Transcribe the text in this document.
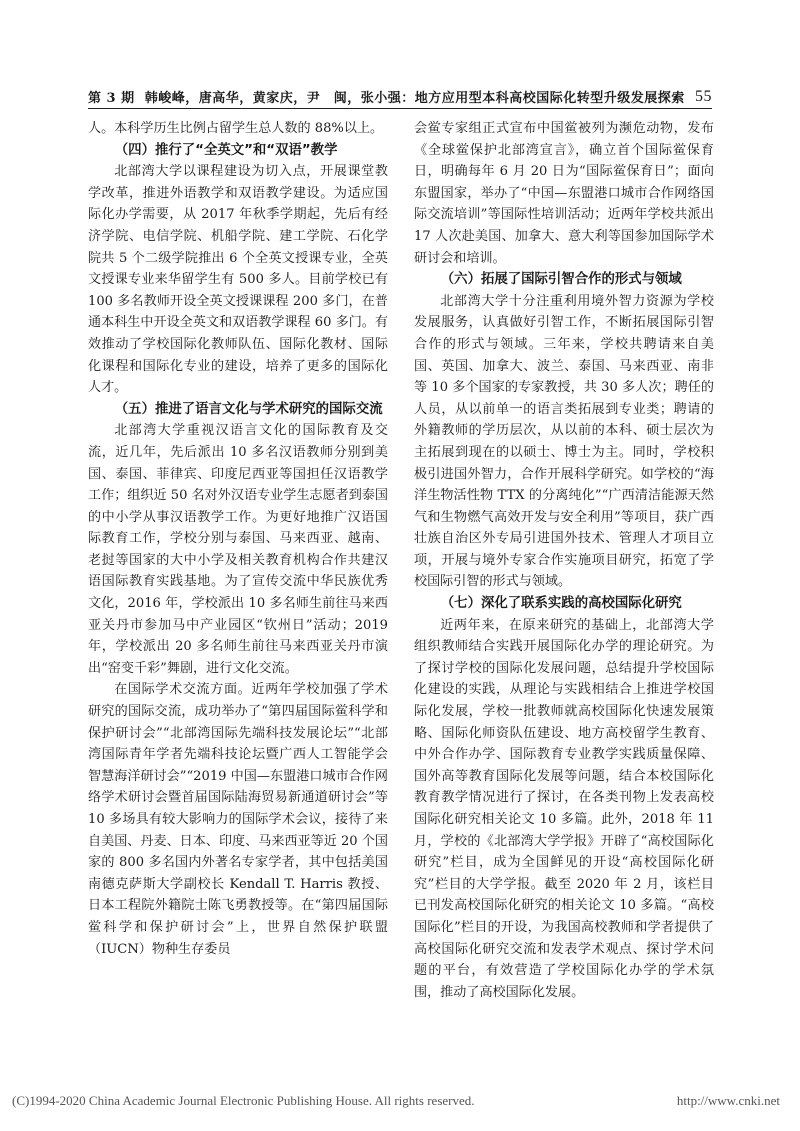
第 3 期 韩峻峰，唐高华，黄家庆，尹　闽，张小强：地方应用型本科高校国际化转型升级发展探索 55

人。本科学历生比例占留学生总人数的 88%以上。

（四）推行了“全英文”和“双语”教学

北部湾大学以课程建设为切入点，开展课堂教学改革，推进外语教学和双语教学建设。为适应国际化办学需要，从 2017 年秋季学期起，先后有经济学院、电信学院、机船学院、建工学院、石化学院共 5 个二级学院推出 6 个全英文授课专业，全英文授课专业来华留学生有 500 多人。目前学校已有 100 多名教师开设全英文授课课程 200 多门，在普通本科生中开设全英文和双语教学课程 60 多门。有效推动了学校国际化教师队伍、国际化教材、国际化课程和国际化专业的建设，培养了更多的国际化人才。

（五）推进了语言文化与学术研究的国际交流

北部湾大学重视汉语言文化的国际教育及交流，近几年，先后派出 10 多名汉语教师分别到美国、泰国、菲律宾、印度尼西亚等国担任汉语教学工作；组织近 50 名对外汉语专业学生志愿者到泰国的中小学从事汉语教学工作。为更好地推广汉语国际教育工作，学校分别与泰国、马来西亚、越南、老挝等国家的大中小学及相关教育机构合作共建汉语国际教育实践基地。为了宣传交流中华民族优秀文化，2016 年，学校派出 10 多名师生前往马来西亚关丹市参加马中产业园区“钦州日”活动；2019 年，学校派出 20 多名师生前往马来西亚关丹市演出“窑变千彩”舞剧，进行文化交流。

在国际学术交流方面。近两年学校加强了学术研究的国际交流，成功举办了“第四届国际鲎科学和保护研讨会”“北部湾国际先端科技发展论坛”“北部湾国际青年学者先端科技论坛暨广西人工智能学会智慧海洋研讨会”“2019 中国—东盟港口城市合作网络学术研讨会暨首届国际陆海贸易新通道研讨会”等 10 多场具有较大影响力的国际学术会议，接待了来自美国、丹麦、日本、印度、马来西亚等近 20 个国家的 800 多名国内外著名专家学者，其中包括美国南德克萨斯大学副校长 Kendall T. Harris 教授、日本工程院外籍院士陈飞勇教授等。在“第四届国际鲎科学和保护研讨会”上，世界自然保护联盟（IUCN）物种生存委员

会鲎专家组正式宣布中国鲎被列为濒危动物，发布《全球鲎保护北部湾宣言》，确立首个国际鲎保育日，明确每年 6 月 20 日为“国际鲎保育日”；面向东盟国家，举办了“中国—东盟港口城市合作网络国际交流培训”等国际性培训活动；近两年学校共派出 17 人次赴美国、加拿大、意大利等国参加国际学术研讨会和培训。

（六）拓展了国际引智合作的形式与领域

北部湾大学十分注重利用境外智力资源为学校发展服务，认真做好引智工作，不断拓展国际引智合作的形式与领域。三年来，学校共聘请来自美国、英国、加拿大、波兰、泰国、马来西亚、南非等 10 多个国家的专家教授，共 30 多人次；聘任的人员，从以前单一的语言类拓展到专业类；聘请的外籍教师的学历层次，从以前的本科、硕士层次为主拓展到现在的以硕士、博士为主。同时，学校积极引进国外智力，合作开展科学研究。如学校的“海洋生物活性物 TTX 的分离纯化”“广西清洁能源天然气和生物燃气高效开发与安全利用”等项目，获广西壮族自治区外专局引进国外技术、管理人才项目立项，开展与境外专家合作实施项目研究，拓宽了学校国际引智的形式与领域。

（七）深化了联系实践的高校国际化研究

近两年来，在原来研究的基础上，北部湾大学组织教师结合实践开展国际化办学的理论研究。为了探讨学校的国际化发展问题，总结提升学校国际化建设的实践，从理论与实践相结合上推进学校国际化发展，学校一批教师就高校国际化快速发展策略、国际化师资队伍建设、地方高校留学生教育、中外合作办学、国际教育专业教学实践质量保障、国外高等教育国际化发展等问题，结合本校国际化教育教学情况进行了探讨，在各类刊物上发表高校国际化研究相关论文 10 多篇。此外，2018 年 11 月，学校的《北部湾大学学报》开辟了“高校国际化研究”栏目，成为全国鲜见的开设“高校国际化研究”栏目的大学学报。截至 2020 年 2 月，该栏目已刊发高校国际化研究的相关论文 10 多篇。“高校国际化”栏目的开设，为我国高校教师和学者提供了高校国际化研究交流和发表学术观点、探讨学术问题的平台，有效营造了学校国际化办学的学术氛围，推动了高校国际化发展。

(C)1994-2020 China Academic Journal Electronic Publishing House. All rights reserved.	http://www.cnki.net
